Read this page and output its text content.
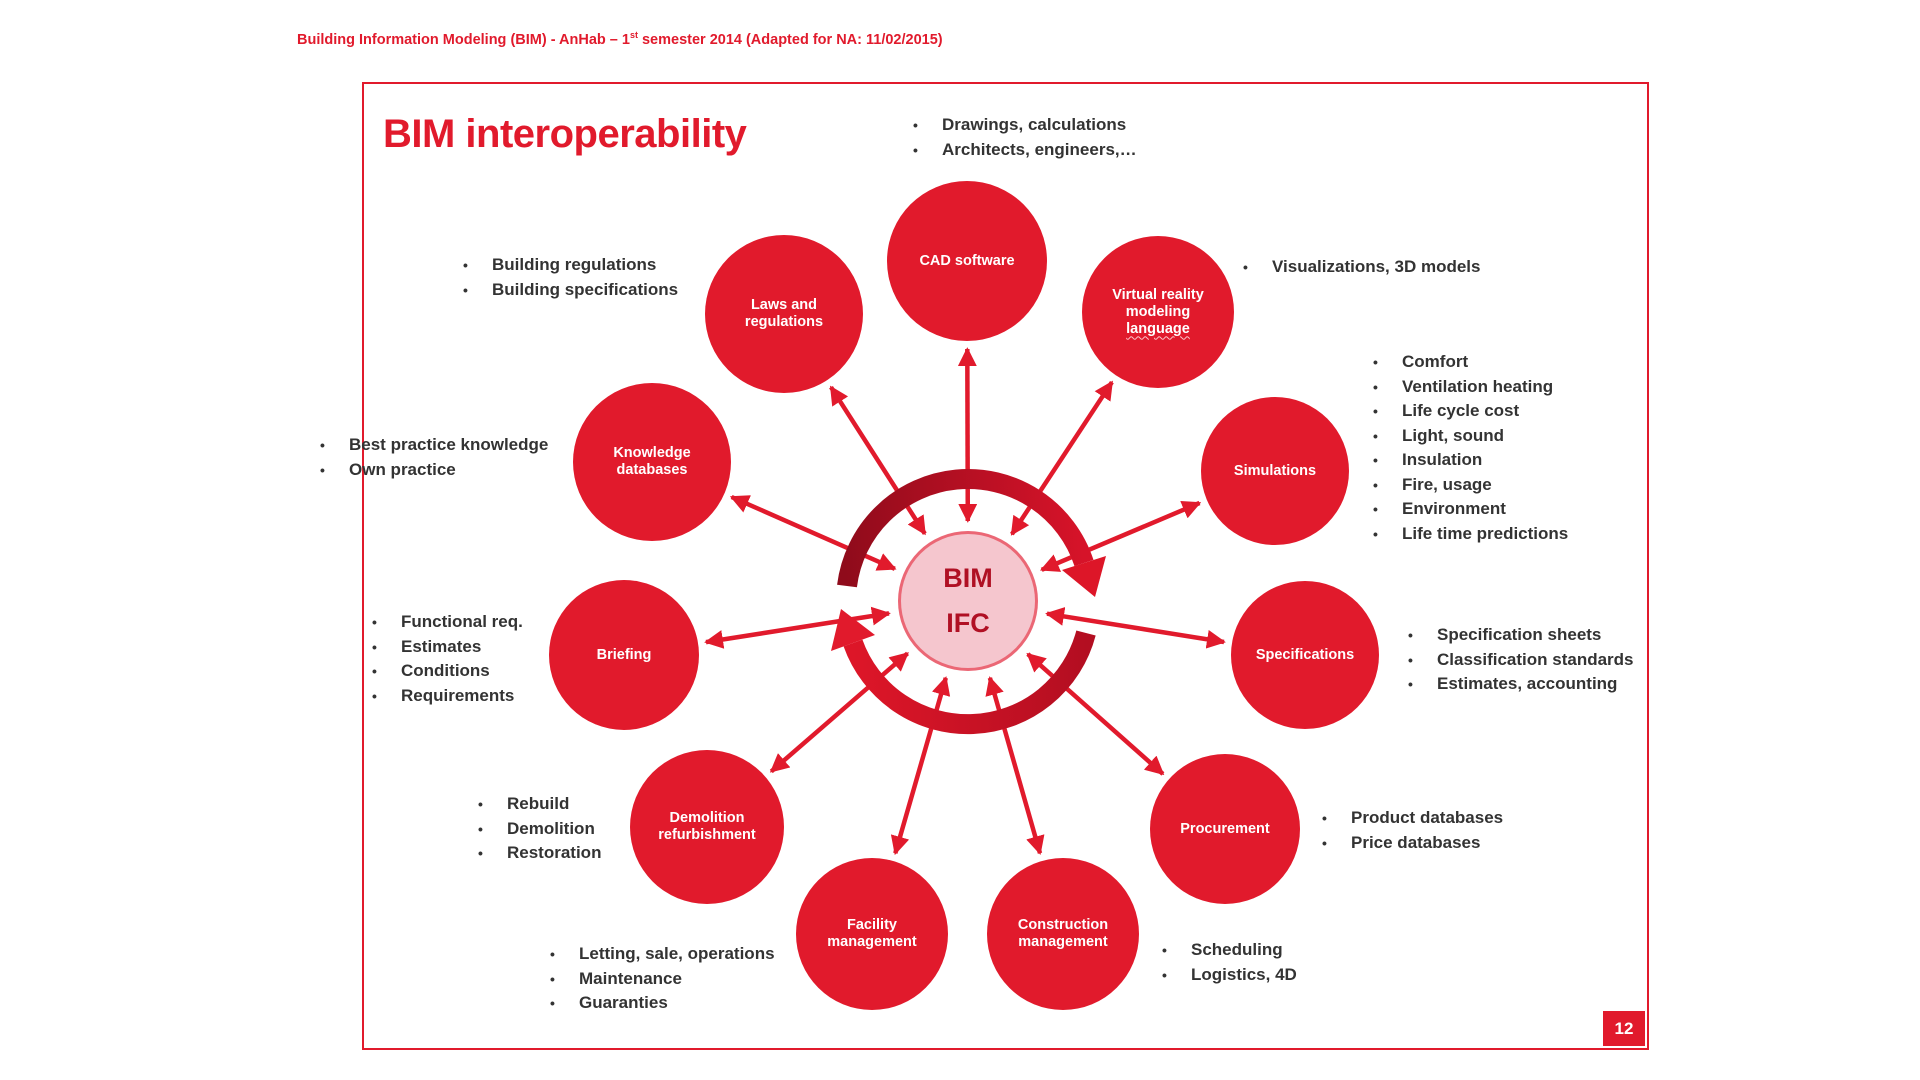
Building Information Modeling (BIM) - AnHab – 1st semester 2014 (Adapted for NA: 11/02/2015)
BIM interoperability
CAD software
Laws and
regulations
Virtual reality
modeling
language
Knowledge
databases	Simulations
Briefing	Specifications
Demolition
refurbishment	Procurement
Facility
management
Construction
management
•	Drawings, calculations
•	Architects, engineers,…
•	Building regulations
•	Building specifications
•	Visualizations, 3D models
•	Comfort
•	Ventilation heating
•	Life cycle cost
•	Light, sound
•	Insulation
•	Fire, usage
•	Environment
•	Life time predictions
•	Best practice knowledge
•	Own practice
•	Functional req.
•	Estimates
•	Conditions
•	Requirements
•	Specification sheets
•	Classification standards
•	Estimates, accounting
•	Rebuild
•	Demolition
•	Restoration
•	Product databases
•	Price databases
•	Letting, sale, operations
•	Maintenance
•	Guaranties
•	Scheduling
•	Logistics, 4D
BIM
IFC
12
